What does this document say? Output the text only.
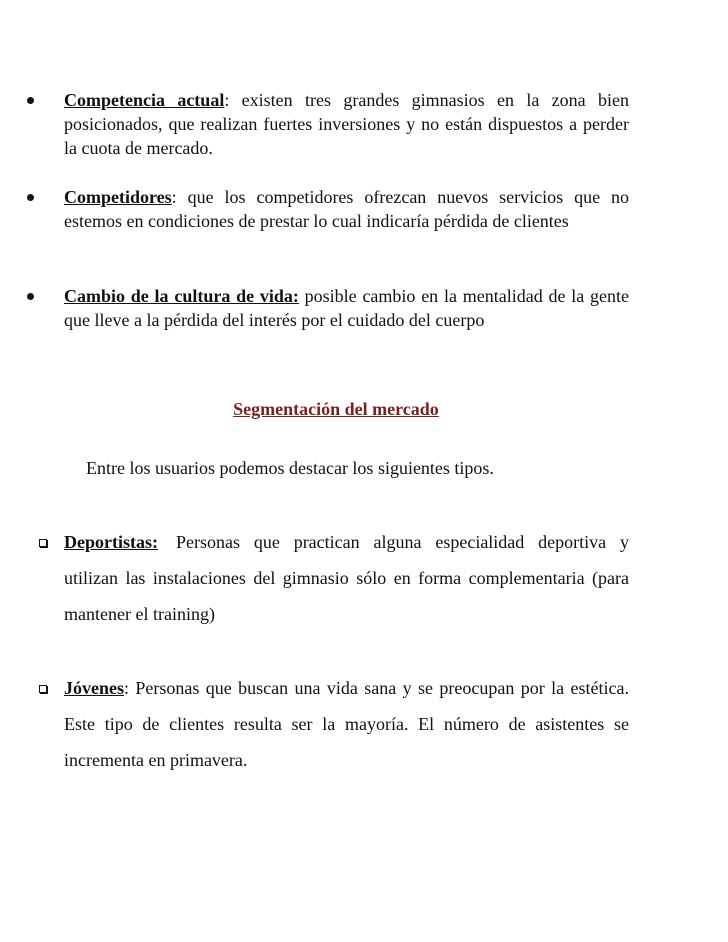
Competencia actual: existen tres grandes gimnasios en la zona bien posicionados, que realizan fuertes inversiones y no están dispuestos a perder la cuota de mercado.
Competidores: que los competidores ofrezcan nuevos servicios que no estemos en condiciones de prestar lo cual indicaría pérdida de clientes
Cambio de la cultura de vida: posible cambio en la mentalidad de la gente que lleve a la pérdida del interés por el cuidado del cuerpo
Segmentación del mercado
Entre los usuarios podemos destacar los siguientes tipos.
Deportistas: Personas que practican alguna especialidad deportiva y utilizan las instalaciones del gimnasio sólo en forma complementaria (para mantener el training)
Jóvenes: Personas que buscan una vida sana y se preocupan por la estética. Este tipo de clientes resulta ser la mayoría. El número de asistentes se incrementa en primavera.
